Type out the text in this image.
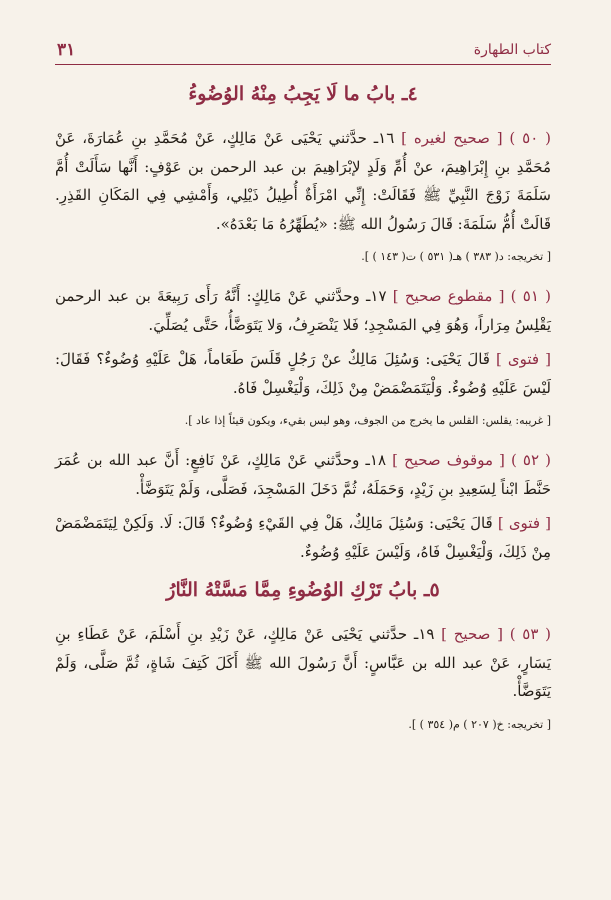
٣١	كتاب الطهارة
٤ـ بابُ ما لَا يَجِبُ مِنْهُ الوُضُوءُ

( ٥٠ ) [ صحيح لغيره ] ١٦ـ حدَّثني يَحْيَى عَنْ مَالِكٍ، عَنْ مُحَمَّدِ بنِ عُمَارَةَ، عَنْ مُحَمَّدِ بنِ إِبْرَاهِيمَ، عنْ أُمِّ وَلَدٍ لإبْرَاهِيمَ بن عبد الرحمن بن عَوْفٍ: أَنَّها سَأَلَتْ أُمَّ سَلَمَةَ زَوْجَ النَّبِيِّ ﷺ فَقَالَتْ: إِنِّي امْرَأَةٌ أُطِيلُ ذَيْلِي، وَأَمْشِي فِي المَكَانِ القَذِرِ. قَالَتْ أُمُّ سَلَمَةَ: قَالَ رَسُولُ الله ﷺ: «يُطَهِّرُهُ مَا بَعْدَهُ».

[ تخريجه: د( ٣٨٣ ) هـ( ٥٣١ ) ت( ١٤٣ ) ].

( ٥١ ) [ مقطوع صحيح ] ١٧ـ وحدَّثني عَنْ مَالِكٍ: أَنَّهُ رَأَى رَبِيعَةَ بن عبد الرحمن يَقْلِسُ مِرَاراً، وَهُوَ فِي المَسْجِدِ؛ فَلا يَنْصَرِفُ، وَلا يَتَوَضَّأُ، حَتَّى يُصَلِّيَ.

[ فتوى ] قَالَ يَحْيَى: وَسُئِلَ مَالِكٌ عنْ رَجُلٍ قَلَسَ طَعَاماً، هَلْ عَلَيْهِ وُضُوءٌ؟ فَقَالَ: لَيْسَ عَلَيْهِ وُضُوءٌ. وَلْيَتَمَضْمَضْ مِنْ ذَلِكَ، وَلْيَغْسِلْ فَاهُ.

[ غريبه: يقلس: القلس ما يخرج من الجوف، وهو ليس بقيء، ويكون قيئاً إذا عاد ].

( ٥٢ ) [ موقوف صحيح ] ١٨ـ وحدَّثني عَنْ مَالِكٍ، عَنْ نَافِعٍ: أَنَّ عبد الله بن عُمَرَ حَنَّطَ ابْناً لِسَعِيدِ بنِ زَيْدٍ، وَحَمَلَهُ، ثُمَّ دَخَلَ المَسْجِدَ، فَصَلَّى، وَلَمْ يَتَوَضَّأْ.

[ فتوى ] قَالَ يَحْيَى: وَسُئِلَ مَالِكٌ، هَلْ فِي القَيْءِ وُضُوءٌ؟ قَالَ: لَا. وَلَكِنْ لِيَتَمَضْمَضْ مِنْ ذَلِكَ، وَلْيَغْسِلْ فَاهُ، وَلَيْسَ عَلَيْهِ وُضُوءٌ.

٥ـ بابُ تَرْكِ الوُضُوءِ مِمَّا مَسَّتْهُ النَّارُ

( ٥٣ ) [ صحيح ] ١٩ـ حدَّثني يَحْيَى عَنْ مَالِكٍ، عَنْ زَيْدِ بنِ أَسْلَمَ، عَنْ عَطَاءِ بنِ يَسَارٍ، عَنْ عبد الله بن عَبَّاسٍ: أَنَّ رَسُولَ الله ﷺ أَكَلَ كَتِفَ شَاةٍ، ثُمَّ صَلَّى، وَلَمْ يَتَوَضَّأْ.

[ تخريجه: خ( ٢٠٧ ) م( ٣٥٤ ) ].
